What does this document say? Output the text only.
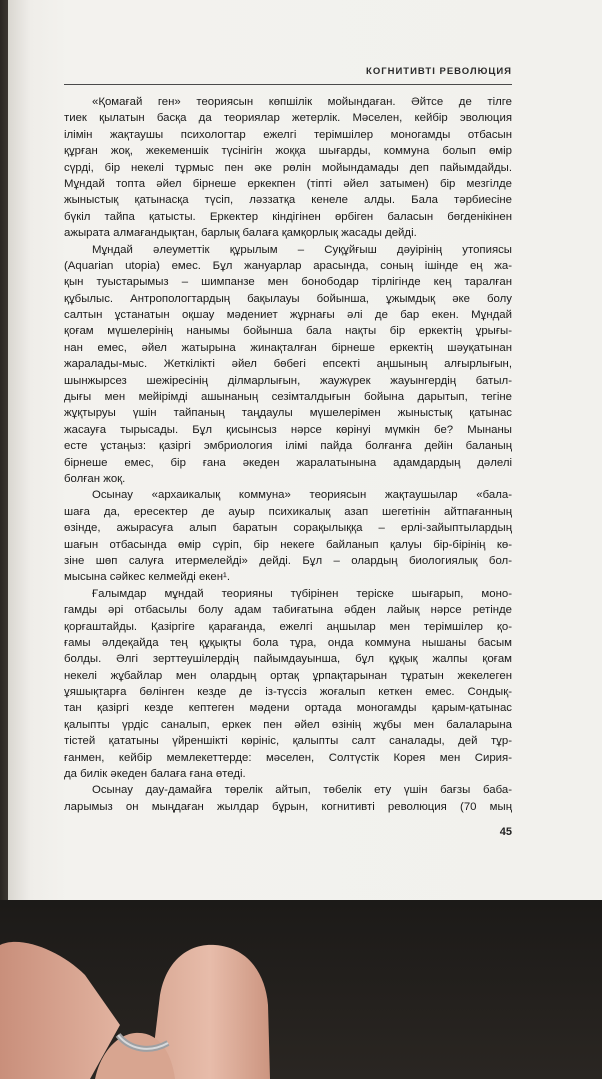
КОГНИТИВТІ РЕВОЛЮЦИЯ
«Қомағай ген» теориясын көпшілік мойындаған. Әйтсе де тілге
тиек қылатын басқа да теориялар жетерлік. Мәселен, кейбір эволюция
ілімін жақтаушы психологтар ежелгі терімшілер моногамды отбасын
құрған жоқ, жекеменшік түсінігін жоққа шығарды, коммуна болып өмір
сүрді, бір некелі тұрмыс пен әке рөлін мойындамады деп пайымдайды.
Мұндай топта әйел бірнеше еркекпен (тіпті әйел затымен) бір мезгілде
жыныстық қатынасқа түсіп, ләззатқа кенеле алды. Бала тәрбиесіне
бүкіл тайпа қатысты. Еркектер кіндігінен өрбіген баласын бөгденікінен
ажырата алмағандықтан, барлық балаға қамқорлық жасады дейді.
Мұндай әлеуметтік құрылым – Суқұйғыш дәуірінің утопиясы
(Aquarian utopia) емес. Бұл жануарлар арасында, соның ішінде ең жа-
қын туыстарымыз – шимпанзе мен бонободар тірлігінде кең таралған
құбылыс. Антропологтардың бақылауы бойынша, ұжымдық әке болу
салтын ұстанатын оқшау мәдениет жұрнағы әлі де бар екен. Мұндай
қоғам мүшелерінің нанымы бойынша бала нақты бір еркектің ұрығы-
нан емес, әйел жатырына жинақталған бірнеше еркектің шәуқатынан
жаралады-мыс. Жеткілікті әйел бөбегі епсекті аңшының алғырлығын,
шынжырсез шежіресінің ділмарлығын, жаужүрек жауынгердің батыл-
дығы мен мейірімді ашынаның сезімталдығын бойына дарытып, тегіне
жұқтыруы үшін тайпаның таңдаулы мүшелерімен жыныстық қатынас
жасауға тырысады. Бұл қисынсыз нәрсе көрінуі мүмкін бе? Мынаны
есте ұстаңыз: қазіргі эмбриология ілімі пайда болғанға дейін баланың
бірнеше емес, бір ғана әкеден жаралатынына адамдардың дәлелі
болған жоқ.
Осынау «архаикалық коммуна» теориясын жақтаушылар «бала-
шаға да, ересектер де ауыр психикалық азап шегетінін айтпағанның
өзінде, ажырасуға алып баратын сорақылыққа – ерлі-зайыптылардың
шағын отбасында өмір сүріп, бір некеге байланып қалуы бір-бірінің кө-
зіне шөп салуға итермелейді» дейді. Бұл – олардың биологиялық бол-
мысына сәйкес келмейді екен¹.
Ғалымдар мұндай теорияны түбірінен теріске шығарып, моно-
гамды әрі отбасылы болу адам табиғатына әбден лайық нәрсе ретінде
қорғаштайды. Қазіргіге қарағанда, ежелгі аңшылар мен терімшілер қо-
ғамы әлдеқайда тең құқықты бола тұра, онда коммуна нышаны басым
болды. Әлгі зерттеушілердің пайымдауынша, бұл құқық жалпы қоғам
некелі жұбайлар мен олардың ортақ ұрпақтарынан тұратын жекелеген
ұяшықтарға бөлінген кезде де із-түссіз жоғалып кеткен емес. Сондық-
тан қазіргі кезде кептеген мәдени ортада моногамды қарым-қатынас
қалыпты үрдіс саналып, еркек пен әйел өзінің жұбы мен балаларына
тістей қататыны үйреншікті көрініс, қалыпты салт саналады, дей тұр-
ғанмен, кейбір мемлекеттерде: мәселен, Солтүстік Корея мен Сирия-
да билік әкеден балаға ғана өтеді.
Осынау дау-дамайға төрелік айтып, төбелік ету үшін бағзы баба-
ларымыз он мыңдаған жылдар бұрын, когнитивті революция (70 мың
45
